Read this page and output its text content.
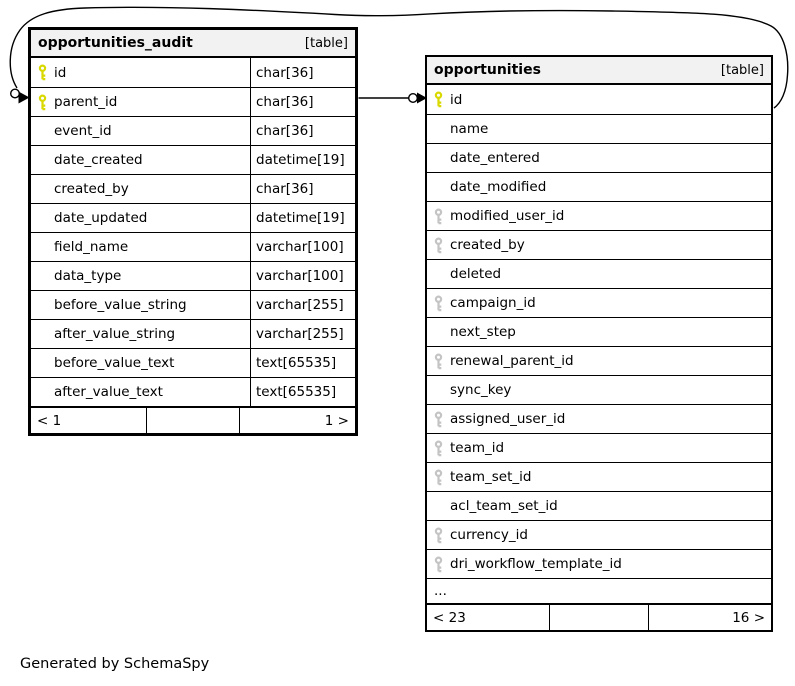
opportunities_audit	[table]
id	char[36]
parent_id	char[36]
event_id	char[36]
date_created	datetime[19]
created_by	char[36]
date_updated	datetime[19]
field_name	varchar[100]
data_type	varchar[100]
before_value_string	varchar[255]
after_value_string	varchar[255]
before_value_text	text[65535]
after_value_text	text[65535]
< 1	1 >
opportunities	[table]
id
name
date_entered
date_modified
modified_user_id
created_by
deleted
campaign_id
next_step
renewal_parent_id
sync_key
assigned_user_id
team_id
team_set_id
acl_team_set_id
currency_id
dri_workflow_template_id
...
< 23	16 >
Generated by SchemaSpy
